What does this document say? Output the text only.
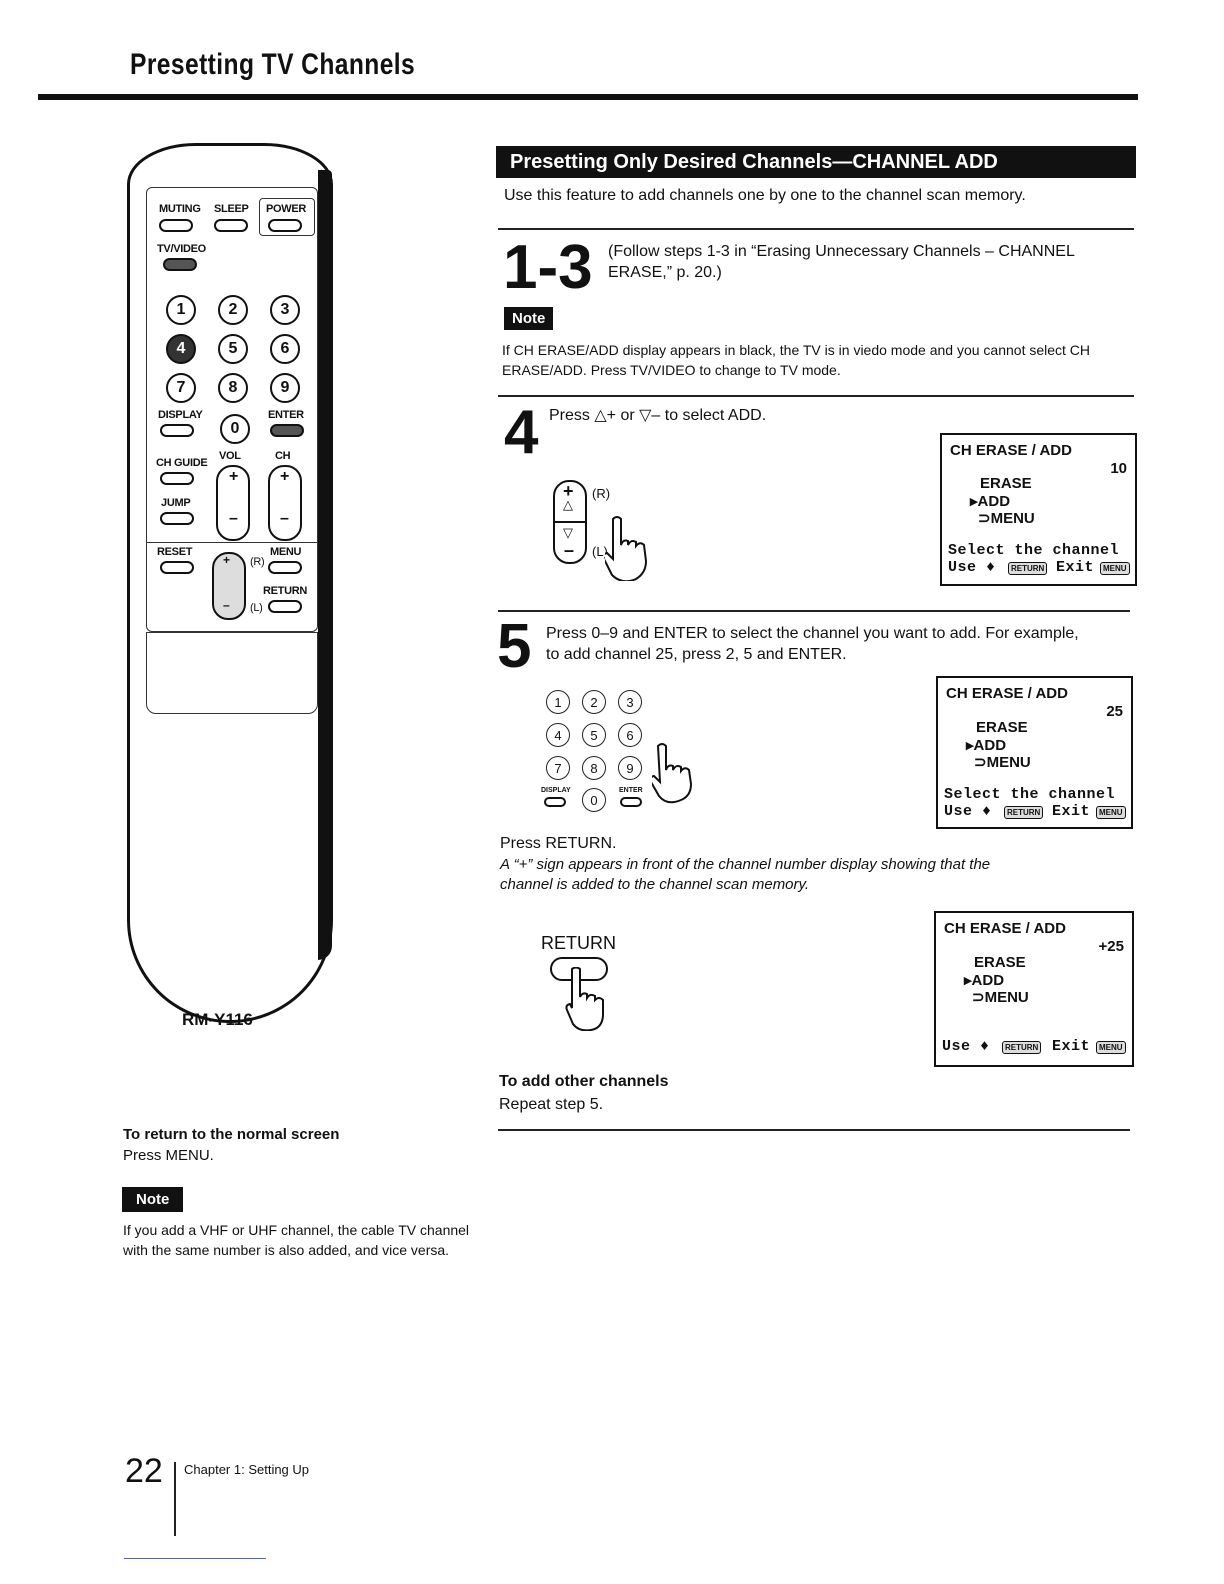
Presetting TV Channels
MUTING SLEEP POWER
TV/VIDEO
1	2	3
4	5	6
7	8	9
DISPLAY
0
ENTER
CH GUIDE
VOL	CH
+
–
+
–
JUMP
RESET
+
–
(R)
(L)
MENU
RETURN
RM-Y116
To return to the normal screen
Press MENU.
Note
If you add a VHF or UHF channel, the cable TV channel with the same number is also added, and vice versa.
Presetting Only Desired Channels—CHANNEL ADD
Use this feature to add channels one by one to the channel scan memory.
1-3 (Follow steps 1-3 in “Erasing Unnecessary Channels – CHANNEL ERASE,” p. 20.)
Note
If CH ERASE/ADD display appears in black, the TV is in viedo mode and you cannot select CH ERASE/ADD. Press TV/VIDEO to change to TV mode.
4 Press △+ or ▽– to select ADD.
+
△
▽
–
(R)
(L)
CH ERASE / ADD
10
ERASE
▸ADD
⊃MENU
Select the channel
Use ♦	RETURN Exit	MENU
5 Press 0–9 and ENTER to select the channel you want to add. For example, to add channel 25, press 2, 5 and ENTER.
1	2	3
4	5	6
7	8	9
DISPLAY
0
ENTER
CH ERASE / ADD
25
ERASE
▸ADD
⊃MENU
Select the channel
Use ♦	RETURN Exit	MENU
Press RETURN.
A “+” sign appears in front of the channel number display showing that the channel is added to the channel scan memory.
RETURN
CH ERASE / ADD
+25
ERASE
▸ADD
⊃MENU
Use ♦	RETURN Exit	MENU
To add other channels
Repeat step 5.
22 Chapter 1: Setting Up
